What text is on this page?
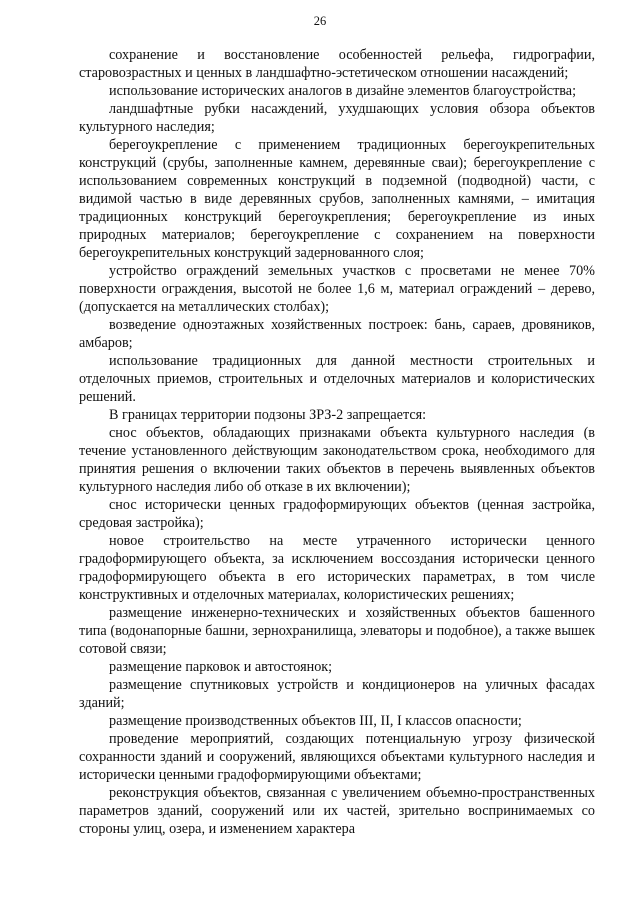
26

сохранение и восстановление особенностей рельефа, гидрографии, старовозрастных и ценных в ландшафтно-эстетическом отношении насаждений;

использование исторических аналогов в дизайне элементов благоустройства;

ландшафтные рубки насаждений, ухудшающих условия обзора объектов культурного наследия;

берегоукрепление с применением традиционных берегоукрепительных конструкций (срубы, заполненные камнем, деревянные сваи); берегоукрепление с использованием современных конструкций в подземной (подводной) части, с видимой частью в виде деревянных срубов, заполненных камнями, – имитация традиционных конструкций берегоукрепления; берегоукрепление из иных природных материалов; берегоукрепление с сохранением на поверхности берегоукрепительных конструкций задернованного слоя;

устройство ограждений земельных участков с просветами не менее 70% поверхности ограждения, высотой не более 1,6 м, материал ограждений – дерево, (допускается на металлических столбах);

возведение одноэтажных хозяйственных построек: бань, сараев, дровяников, амбаров;

использование традиционных для данной местности строительных и отделочных приемов, строительных и отделочных материалов и колористических решений.

В границах территории подзоны ЗРЗ-2 запрещается:

снос объектов, обладающих признаками объекта культурного наследия (в течение установленного действующим законодательством срока, необходимого для принятия решения о включении таких объектов в перечень выявленных объектов культурного наследия либо об отказе в их включении);

снос исторически ценных градоформирующих объектов (ценная застройка, средовая застройка);

новое строительство на месте утраченного исторически ценного градоформирующего объекта, за исключением воссоздания исторически ценного градоформирующего объекта в его исторических параметрах, в том числе конструктивных и отделочных материалах, колористических решениях;

размещение инженерно-технических и хозяйственных объектов башенного типа (водонапорные башни, зернохранилища, элеваторы и подобное), а также вышек сотовой связи;

размещение парковок и автостоянок;

размещение спутниковых устройств и кондиционеров на уличных фасадах зданий;

размещение производственных объектов III, II, I классов опасности;

проведение мероприятий, создающих потенциальную угрозу физической сохранности зданий и сооружений, являющихся объектами культурного наследия и исторически ценными градоформирующими объектами;

реконструкция объектов, связанная с увеличением объемно-пространственных параметров зданий, сооружений или их частей, зрительно воспринимаемых со стороны улиц, озера, и изменением характера
